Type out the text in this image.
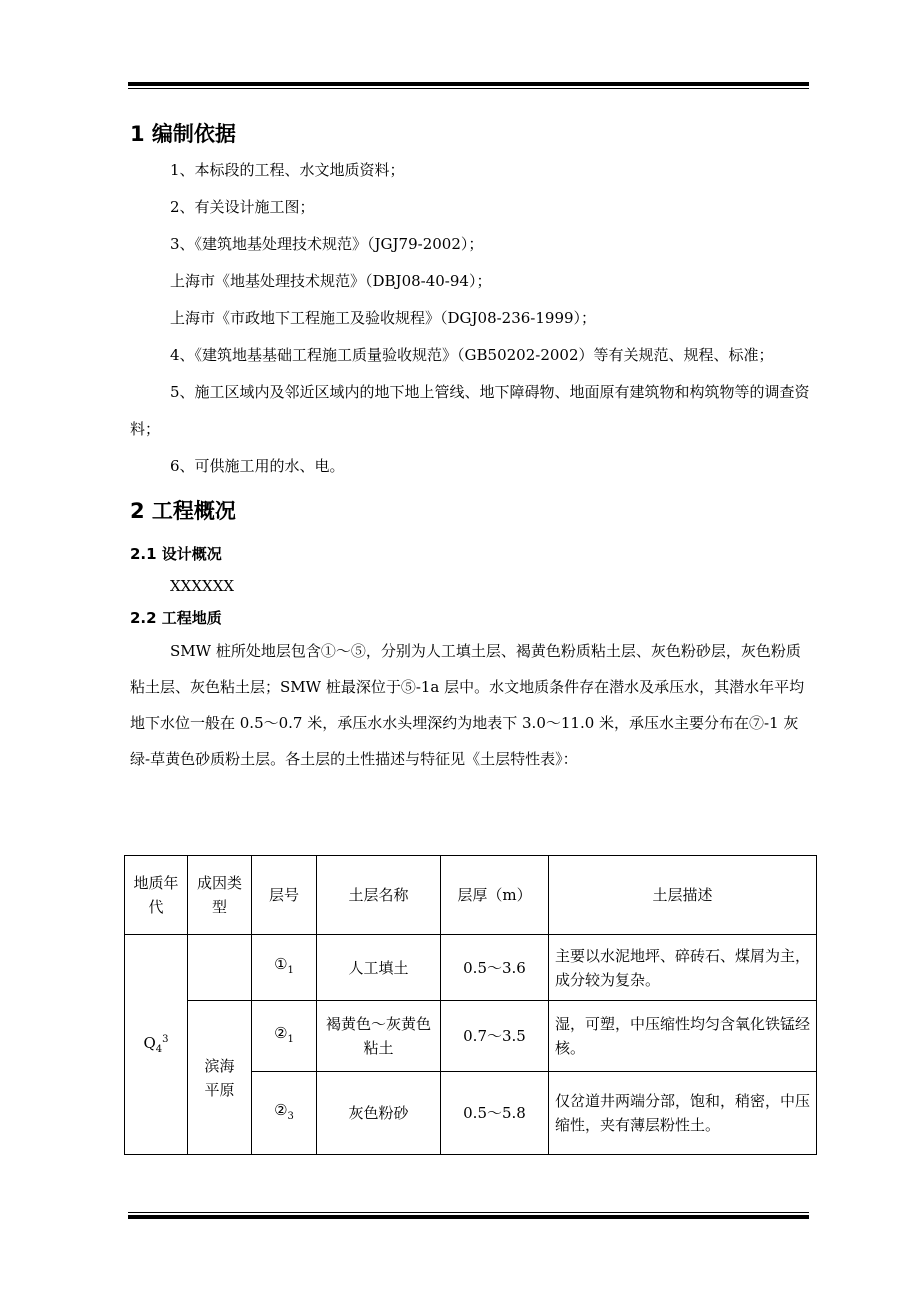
1 编制依据

1、本标段的工程、水文地质资料；

2、有关设计施工图；

3、《建筑地基处理技术规范》（JGJ79-2002）；

上海市《地基处理技术规范》（DBJ08-40-94）；

上海市《市政地下工程施工及验收规程》（DGJ08-236-1999）；

4、《建筑地基基础工程施工质量验收规范》（GB50202-2002）等有关规范、规程、标准；

5、施工区域内及邻近区域内的地下地上管线、地下障碍物、地面原有建筑物和构筑物等的调查资料；

6、可供施工用的水、电。

2 工程概况
2.1 设计概况

XXXXXX

2.2 工程地质

SMW 桩所处地层包含①～⑤，分别为人工填土层、褐黄色粉质粘土层、灰色粉砂层，灰色粉质粘土层、灰色粘土层；SMW 桩最深位于⑤-1a 层中。水文地质条件存在潜水及承压水，其潜水年平均地下水位一般在 0.5～0.7 米，承压水水头埋深约为地表下 3.0～11.0 米，承压水主要分布在⑦-1 灰绿-草黄色砂质粉土层。各土层的土性描述与特征见《土层特性表》：

地质年代	成因类型	层号	土层名称	层厚（m）	土层描述
$Q_4^3$		$①_1$	人工填土	0.5～3.6	主要以水泥地坪、碎砖石、煤屑为主，成分较为复杂。

	滨海平原	$②_1$	褐黄色～灰黄色粘土	0.7～3.5	湿，可塑，中压缩性均匀含氧化铁锰经核。
		$②_3$	灰色粉砂	0.5～5.8	仅岔道井两端分部，饱和，稍密，中压缩性，夹有薄层粉性土。
